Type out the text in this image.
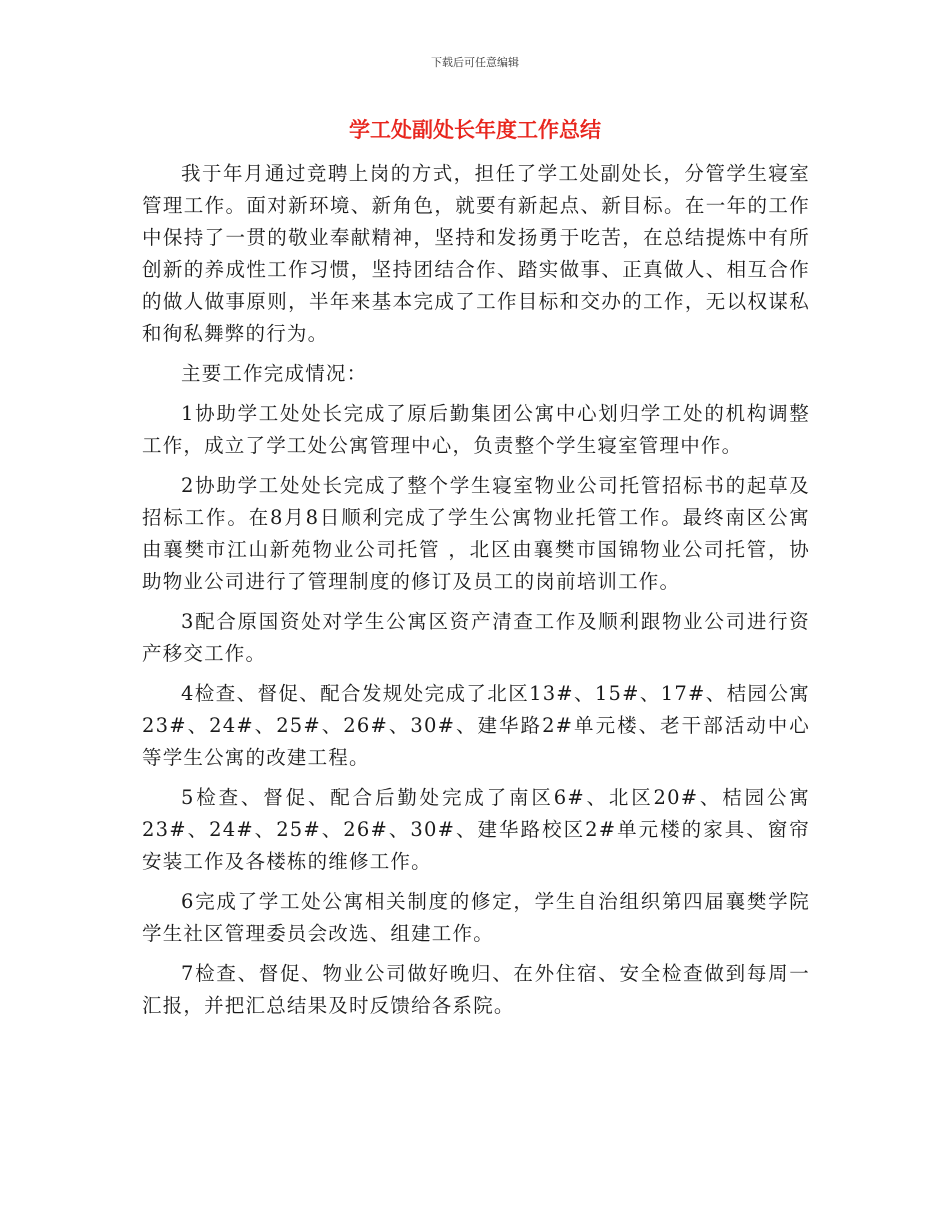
下载后可任意编辑
学工处副处长年度工作总结

我于年月通过竞聘上岗的方式，担任了学工处副处长，分管学生寝室管理工作。面对新环境、新角色，就要有新起点、新目标。在一年的工作中保持了一贯的敬业奉献精神，坚持和发扬勇于吃苦，在总结提炼中有所创新的养成性工作习惯，坚持团结合作、踏实做事、正真做人、相互合作的做人做事原则，半年来基本完成了工作目标和交办的工作，无以权谋私和徇私舞弊的行为。

主要工作完成情况：

1协助学工处处长完成了原后勤集团公寓中心划归学工处的机构调整工作，成立了学工处公寓管理中心，负责整个学生寝室管理中作。

2协助学工处处长完成了整个学生寝室物业公司托管招标书的起草及招标工作。在8月8日顺利完成了学生公寓物业托管工作。最终南区公寓由襄樊市江山新苑物业公司托管 ，北区由襄樊市国锦物业公司托管，协助物业公司进行了管理制度的修订及员工的岗前培训工作。

3配合原国资处对学生公寓区资产清查工作及顺利跟物业公司进行资产移交工作。

4检查、督促、配合发规处完成了北区13#、15#、17#、桔园公寓23#、24#、25#、26#、30#、建华路2#单元楼、老干部活动中心等学生公寓的改建工程。

5检查、督促、配合后勤处完成了南区6#、北区20#、桔园公寓23#、24#、25#、26#、30#、建华路校区2#单元楼的家具、窗帘安装工作及各楼栋的维修工作。

6完成了学工处公寓相关制度的修定，学生自治组织第四届襄樊学院学生社区管理委员会改选、组建工作。

7检查、督促、物业公司做好晚归、在外住宿、安全检查做到每周一汇报，并把汇总结果及时反馈给各系院。
